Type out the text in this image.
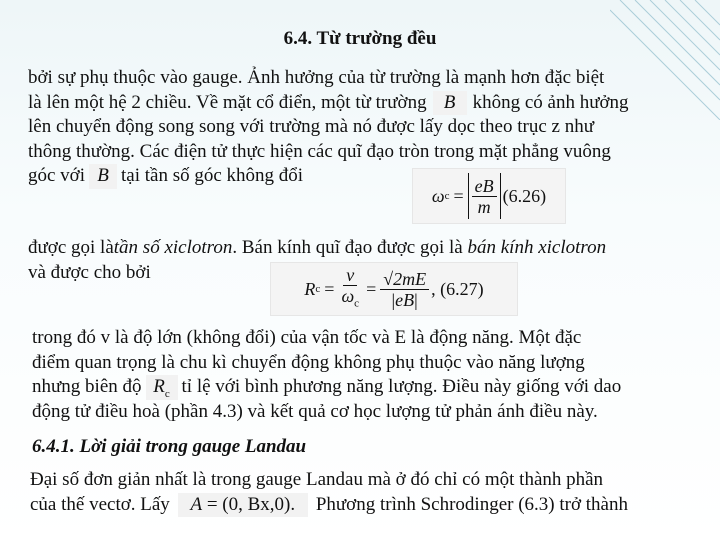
6.4. Từ trường đều
bởi sự phụ thuộc vào gauge. Ảnh hưởng của từ trường là mạnh hơn đặc biệt
là lên một hệ 2 chiều. Về mặt cổ điển, một từ trường B không có ảnh hưởng
lên chuyển động song song với trường mà nó được lấy dọc theo trục z như
thông thường. Các điện tử thực hiện các quĩ đạo tròn trong mặt phẳng vuông
góc với B tại tần số góc không đổi
ω $c = \frac{eB}{m} (6.26)$
được gọi là tần số xiclotron . Bán kính quĩ đạo được gọi là bán kính xiclotron
và được cho bởi
R $c = \frac{v}{\omega_c} = \frac{√2mE}{|eB|}$ , (6.27)
trong đó v là độ lớn (không đổi) của vận tốc và E là động năng. Một đặc
điểm quan trọng là chu kì chuyển động không phụ thuộc vào năng lượng
nhưng biên độ $R_c$ tỉ lệ với bình phương năng lượng. Điều này giống với dao
động tử điều hoà (phần 4.3) và kết quả cơ học lượng tử phản ánh điều này.
6.4.1. Lời giải trong gauge Landau
Đại số đơn giản nhất là trong gauge Landau mà ở đó chỉ có một thành phần
của thế vectơ. Lấy	A = (0, Bx,0).	Phương trình Schrodinger (6.3) trở thành
